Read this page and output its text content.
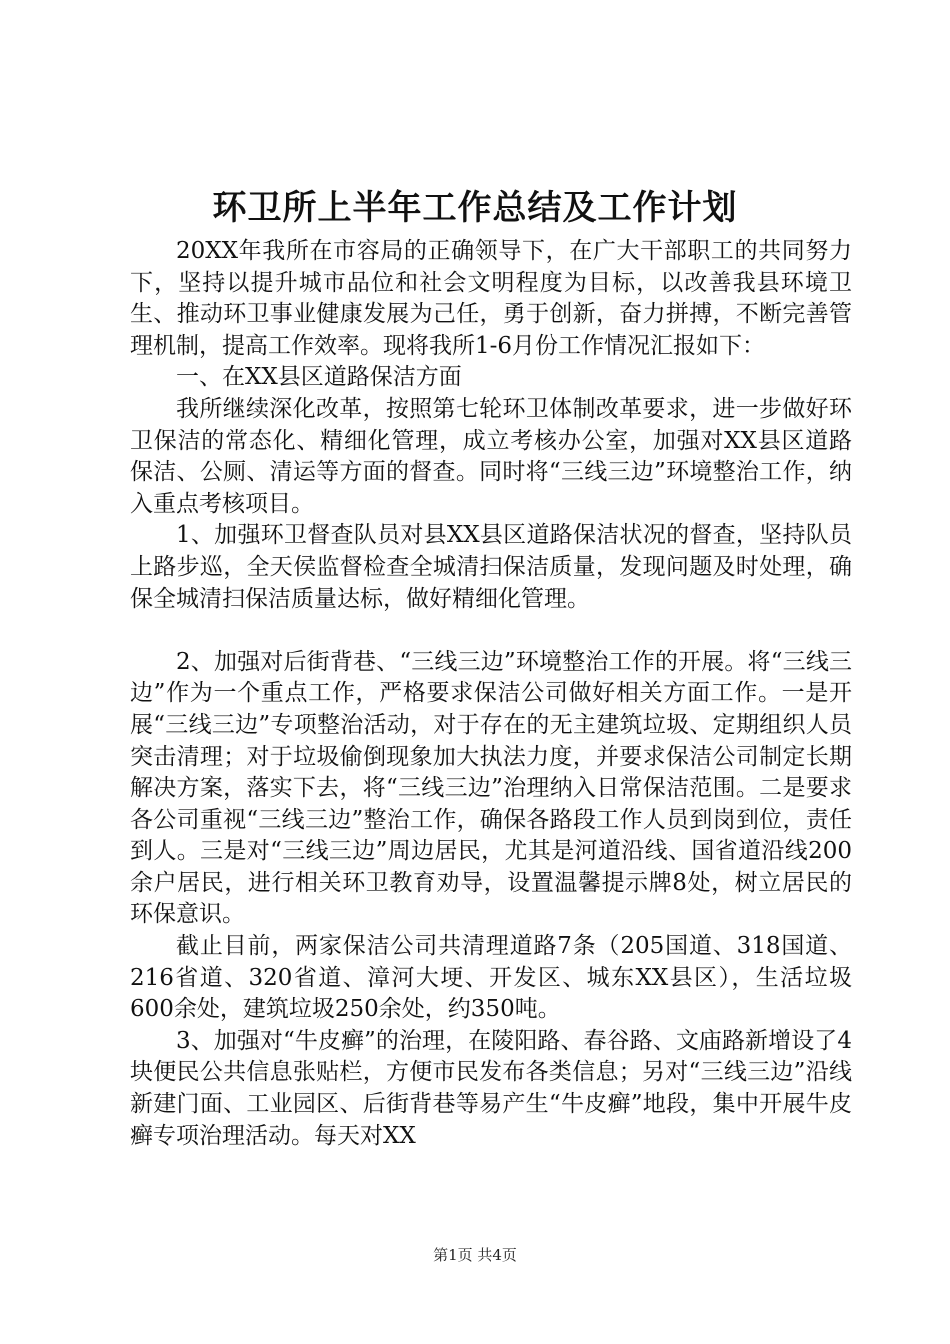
环卫所上半年工作总结及工作计划

20XX年我所在市容局的正确领导下，在广大干部职工的共同努力下，坚持以提升城市品位和社会文明程度为目标，以改善我县环境卫生、推动环卫事业健康发展为己任，勇于创新，奋力拼搏，不断完善管理机制，提高工作效率。现将我所1-6月份工作情况汇报如下：

一、在XX县区道路保洁方面

我所继续深化改革，按照第七轮环卫体制改革要求，进一步做好环卫保洁的常态化、精细化管理，成立考核办公室，加强对XX县区道路保洁、公厕、清运等方面的督查。同时将“三线三边”环境整治工作，纳入重点考核项目。

1、加强环卫督查队员对县XX县区道路保洁状况的督查，坚持队员上路步巡，全天侯监督检查全城清扫保洁质量，发现问题及时处理，确保全城清扫保洁质量达标，做好精细化管理。

2、加强对后街背巷、“三线三边”环境整治工作的开展。将“三线三边”作为一个重点工作，严格要求保洁公司做好相关方面工作。一是开展“三线三边”专项整治活动，对于存在的无主建筑垃圾、定期组织人员突击清理；对于垃圾偷倒现象加大执法力度，并要求保洁公司制定长期解决方案，落实下去，将“三线三边”治理纳入日常保洁范围。二是要求各公司重视“三线三边”整治工作，确保各路段工作人员到岗到位，责任到人。三是对“三线三边”周边居民，尤其是河道沿线、国省道沿线200余户居民，进行相关环卫教育劝导，设置温馨提示牌8处，树立居民的环保意识。

截止目前，两家保洁公司共清理道路7条（205国道、318国道、216省道、320省道、漳河大埂、开发区、城东XX县区），生活垃圾600余处，建筑垃圾250余处，约350吨。

3、加强对“牛皮癣”的治理，在陵阳路、春谷路、文庙路新增设了4块便民公共信息张贴栏，方便市民发布各类信息；另对“三线三边”沿线新建门面、工业园区、后街背巷等易产生“牛皮癣”地段，集中开展牛皮癣专项治理活动。每天对XX

第1页 共4页
